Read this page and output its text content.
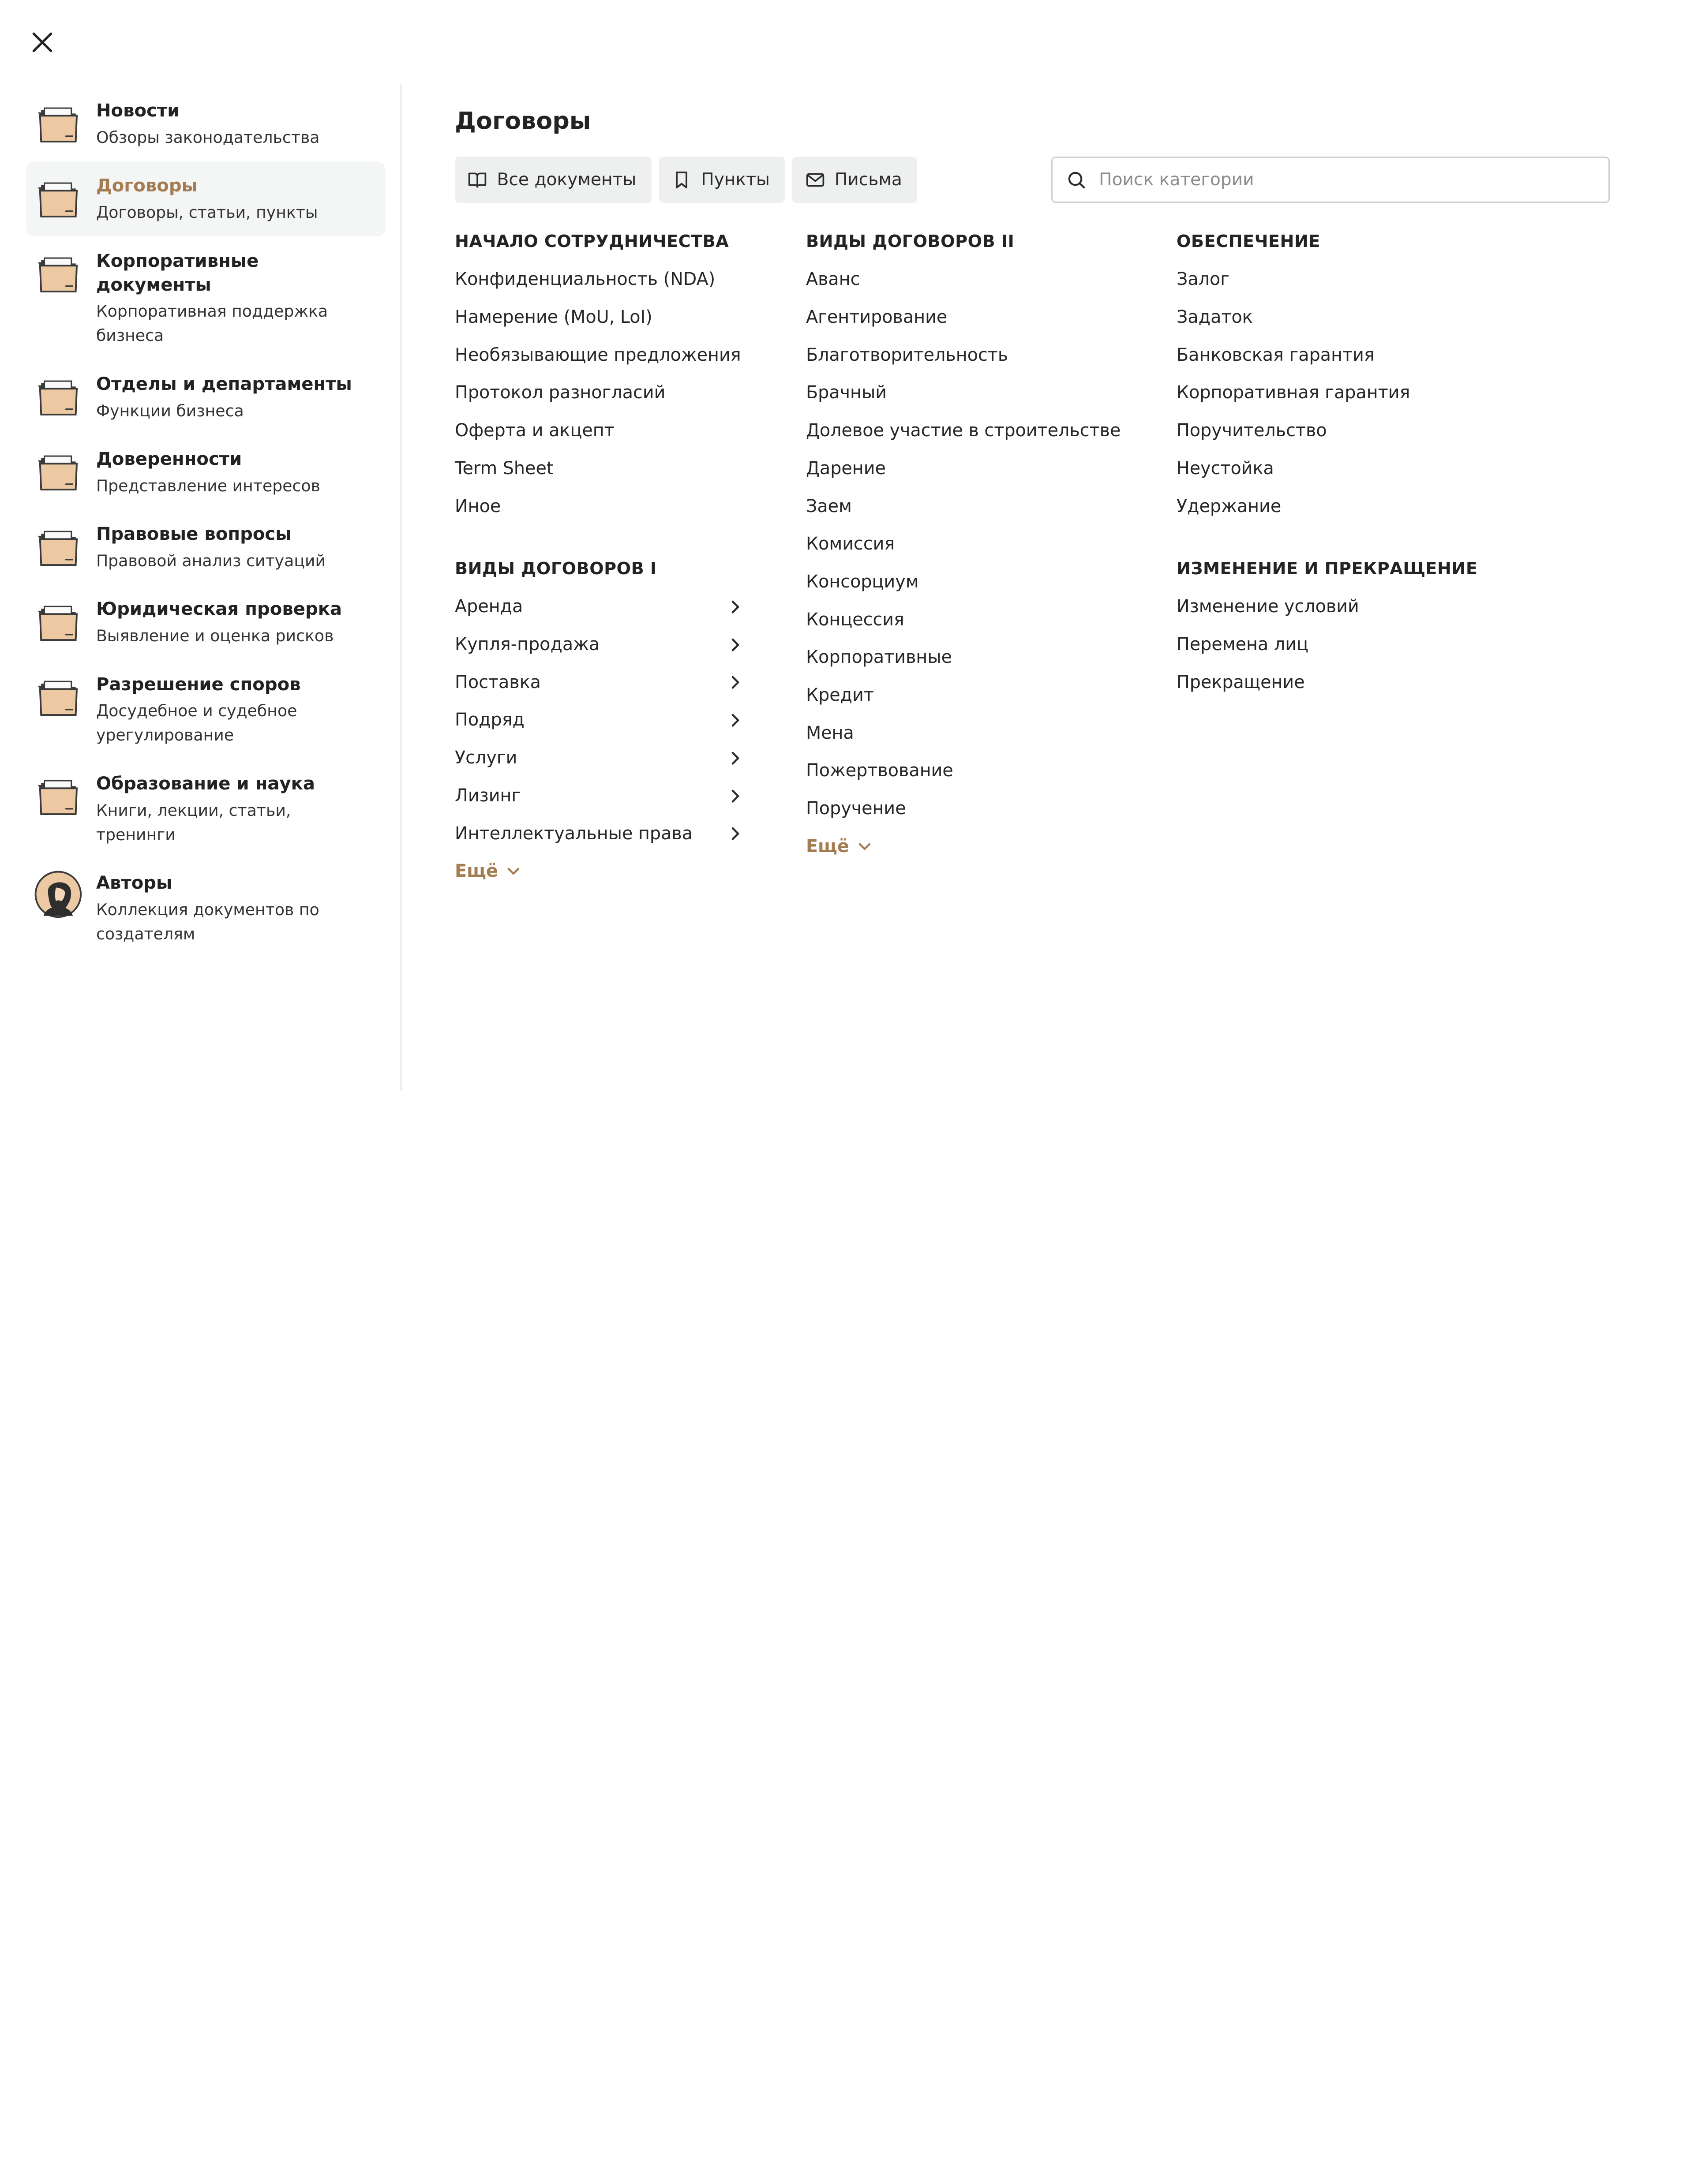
Новости
Обзоры законодательства
Договоры
Договоры, статьи, пункты
Корпоративные документы
Корпоративная поддержка бизнеса
Отделы и департаменты
Функции бизнеса
Доверенности
Представление интересов
Правовые вопросы
Правовой анализ ситуаций
Юридическая проверка
Выявление и оценка рисков
Разрешение споров
Досудебное и судебное урегулирование
Образование и наука
Книги, лекции, статьи, тренинги
Авторы
Коллекция документов по создателям
Договоры
Все документы	Пункты	Письма
Поиск категории
НАЧАЛО СОТРУДНИЧЕСТВА
Конфиденциальность (NDA)
Намерение (MoU, LoI)
Необязывающие предложения
Протокол разногласий
Оферта и акцепт
Term Sheet
Иное
ВИДЫ ДОГОВОРОВ I
Аренда
Купля-продажа
Поставка
Подряд
Услуги
Лизинг
Интеллектуальные права
Ещё
ВИДЫ ДОГОВОРОВ II
Аванс
Агентирование
Благотворительность
Брачный
Долевое участие в строительстве
Дарение
Заем
Комиссия
Консорциум
Концессия
Корпоративные
Кредит
Мена
Пожертвование
Поручение
Ещё
ОБЕСПЕЧЕНИЕ
Залог
Задаток
Банковская гарантия
Корпоративная гарантия
Поручительство
Неустойка
Удержание
ИЗМЕНЕНИЕ И ПРЕКРАЩЕНИЕ
Изменение условий
Перемена лиц
Прекращение
